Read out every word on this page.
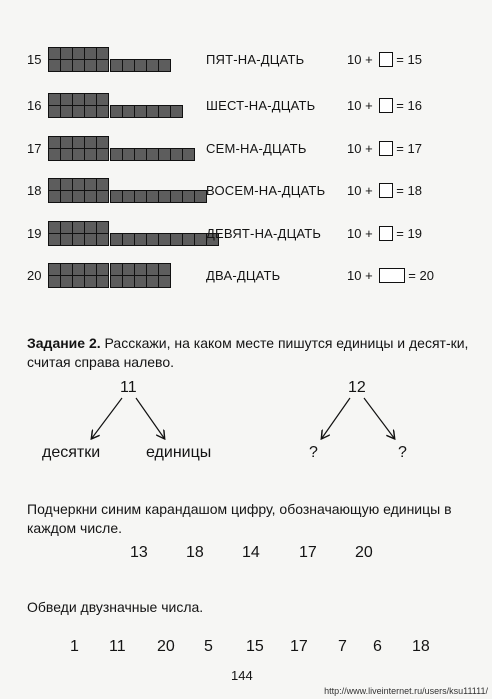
15	ПЯТ-НА-ДЦАТЬ	10 + = 15
16	ШЕСТ-НА-ДЦАТЬ 10 + = 16
17	СЕМ-НА-ДЦАТЬ	10 + = 17
18	ВОСЕМ-НА-ДЦАТЬ 10 + = 18
19	ДЕВЯТ-НА-ДЦАТЬ 10 + = 19
20	ДВА-ДЦАТЬ	10 + = 20
Задание 2. Расскажи, на каком месте пишутся единицы и десят-ки, считая справа налево.
11
десятки	единицы
12
?	?
Подчеркни синим карандашом цифру, обозначающую единицы в каждом числе.
13 18 14 17 20
Обведи двузначные числа.
1 11 20 5 15 17 7 6 18
144
http://www.liveinternet.ru/users/ksu11111/
